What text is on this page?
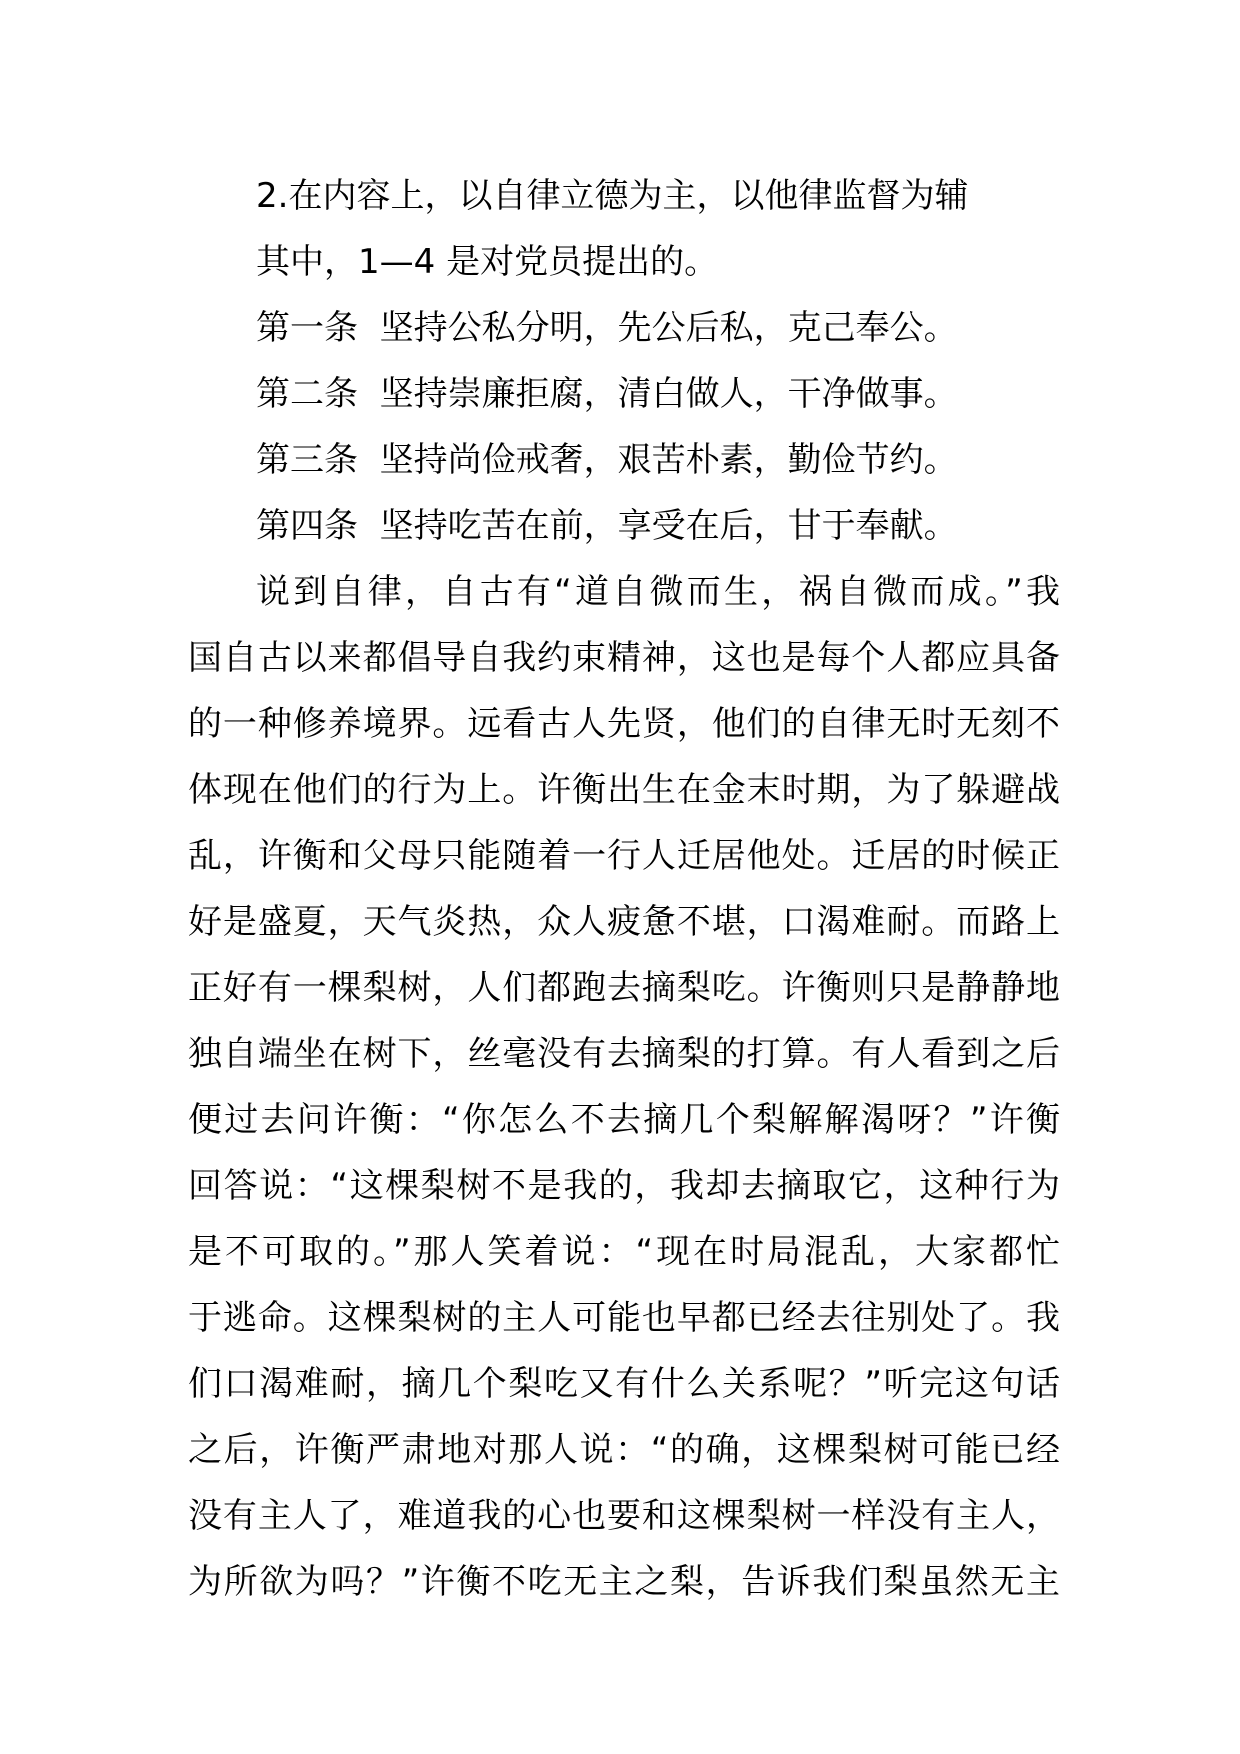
2.在内容上，以自律立德为主，以他律监督为辅
其中，1—4 是对党员提出的。
第一条  坚持公私分明，先公后私，克己奉公。
第二条  坚持崇廉拒腐，清白做人，干净做事。
第三条  坚持尚俭戒奢，艰苦朴素，勤俭节约。
第四条  坚持吃苦在前，享受在后，甘于奉献。
说到自律，自古有“道自微而生，祸自微而成。”我
国自古以来都倡导自我约束精神，这也是每个人都应具备
的一种修养境界。远看古人先贤，他们的自律无时无刻不
体现在他们的行为上。许衡出生在金末时期，为了躲避战
乱，许衡和父母只能随着一行人迁居他处。迁居的时候正
好是盛夏，天气炎热，众人疲惫不堪，口渴难耐。而路上
正好有一棵梨树，人们都跑去摘梨吃。许衡则只是静静地
独自端坐在树下，丝毫没有去摘梨的打算。有人看到之后
便过去问许衡：“你怎么不去摘几个梨解解渴呀？”许衡
回答说：“这棵梨树不是我的，我却去摘取它，这种行为
是不可取的。”那人笑着说：“现在时局混乱，大家都忙
于逃命。这棵梨树的主人可能也早都已经去往别处了。我
们口渴难耐，摘几个梨吃又有什么关系呢？”听完这句话
之后，许衡严肃地对那人说：“的确，这棵梨树可能已经
没有主人了，难道我的心也要和这棵梨树一样没有主人，
为所欲为吗？”许衡不吃无主之梨，告诉我们梨虽然无主
